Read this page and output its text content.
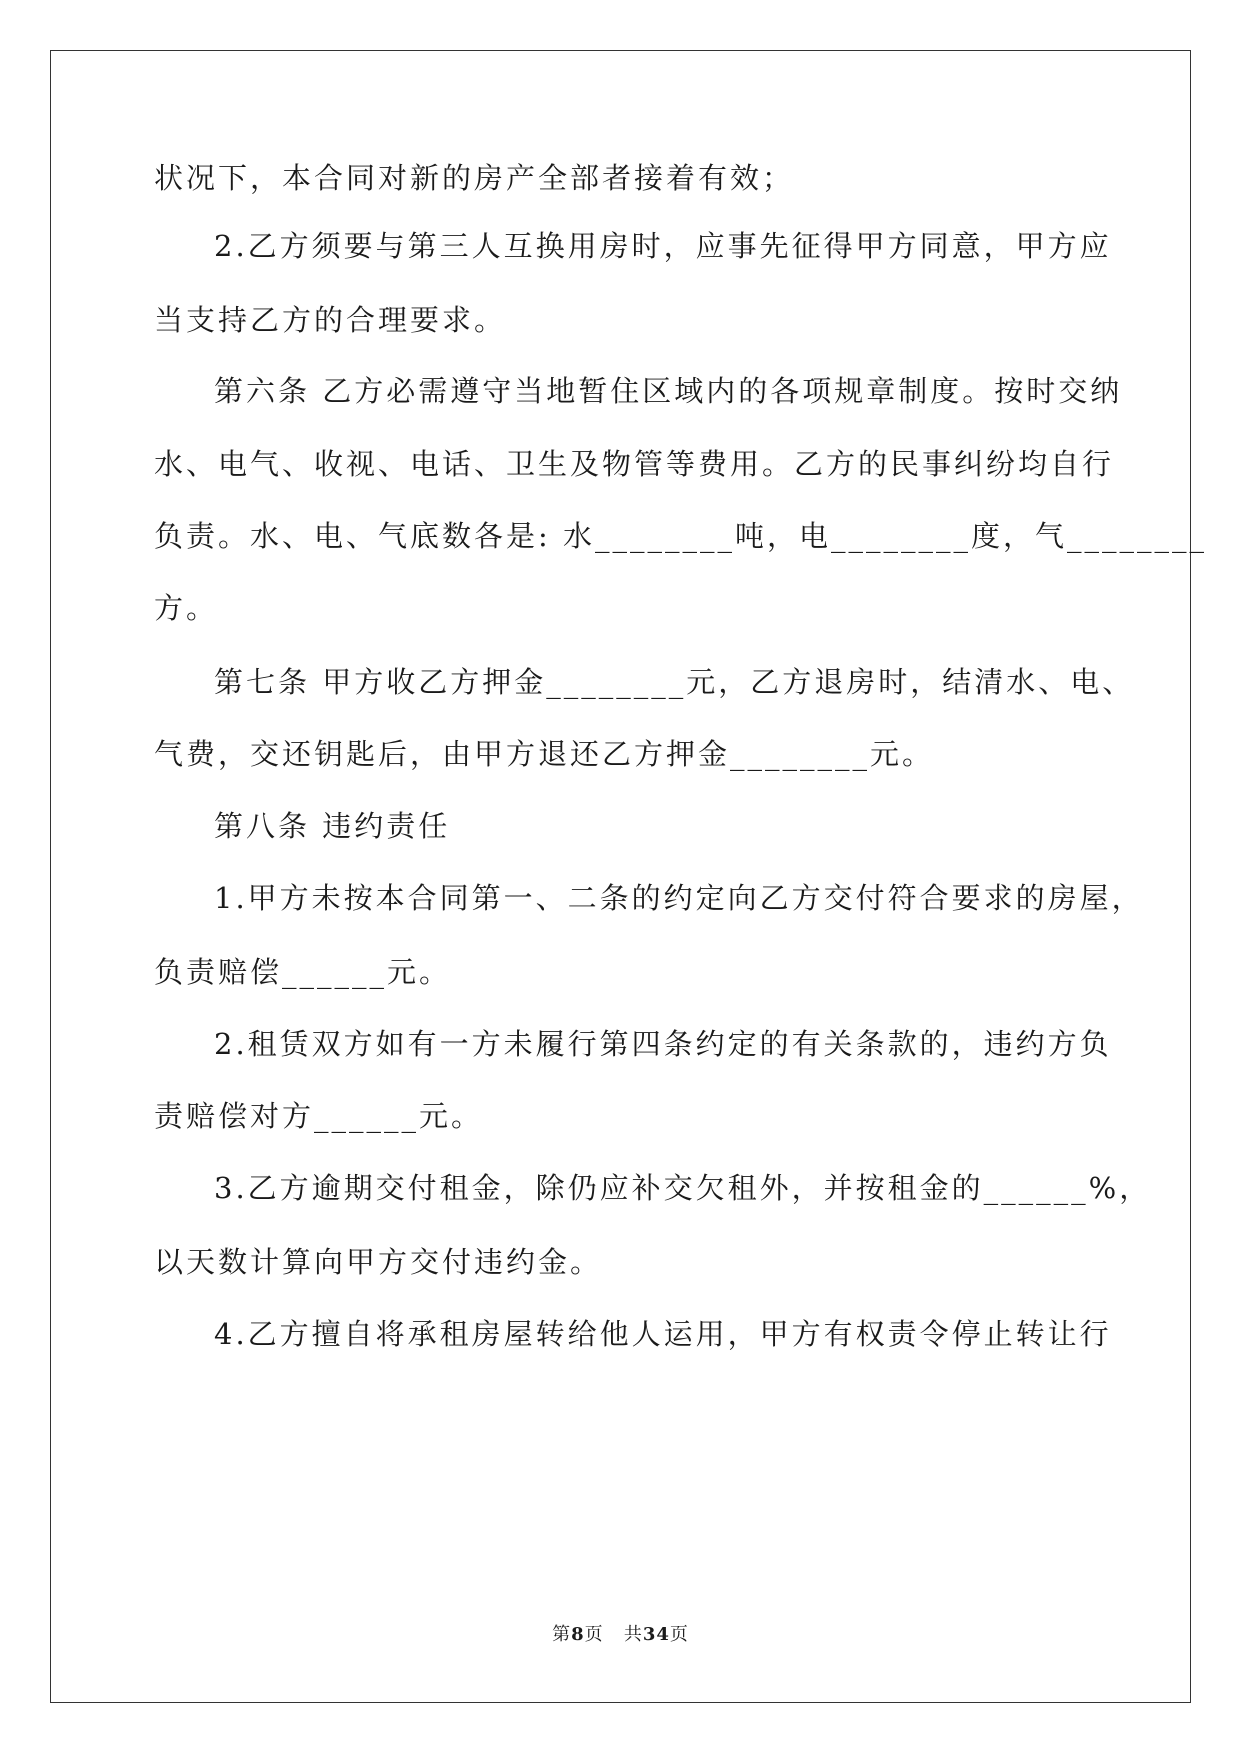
状况下，本合同对新的房产全部者接着有效；
2.乙方须要与第三人互换用房时，应事先征得甲方同意，甲方应
当支持乙方的合理要求。
第六条 乙方必需遵守当地暂住区域内的各项规章制度。按时交纳
水、电气、收视、电话、卫生及物管等费用。乙方的民事纠纷均自行
负责。水、电、气底数各是: 水________吨，电________度，气________
方。
第七条 甲方收乙方押金________元，乙方退房时，结清水、电、
气费，交还钥匙后，由甲方退还乙方押金________元。
第八条 违约责任
1.甲方未按本合同第一、二条的约定向乙方交付符合要求的房屋，
负责赔偿______元。
2.租赁双方如有一方未履行第四条约定的有关条款的，违约方负
责赔偿对方______元。
3.乙方逾期交付租金，除仍应补交欠租外，并按租金的______%，
以天数计算向甲方交付违约金。
4.乙方擅自将承租房屋转给他人运用，甲方有权责令停止转让行
第8页 共34页
